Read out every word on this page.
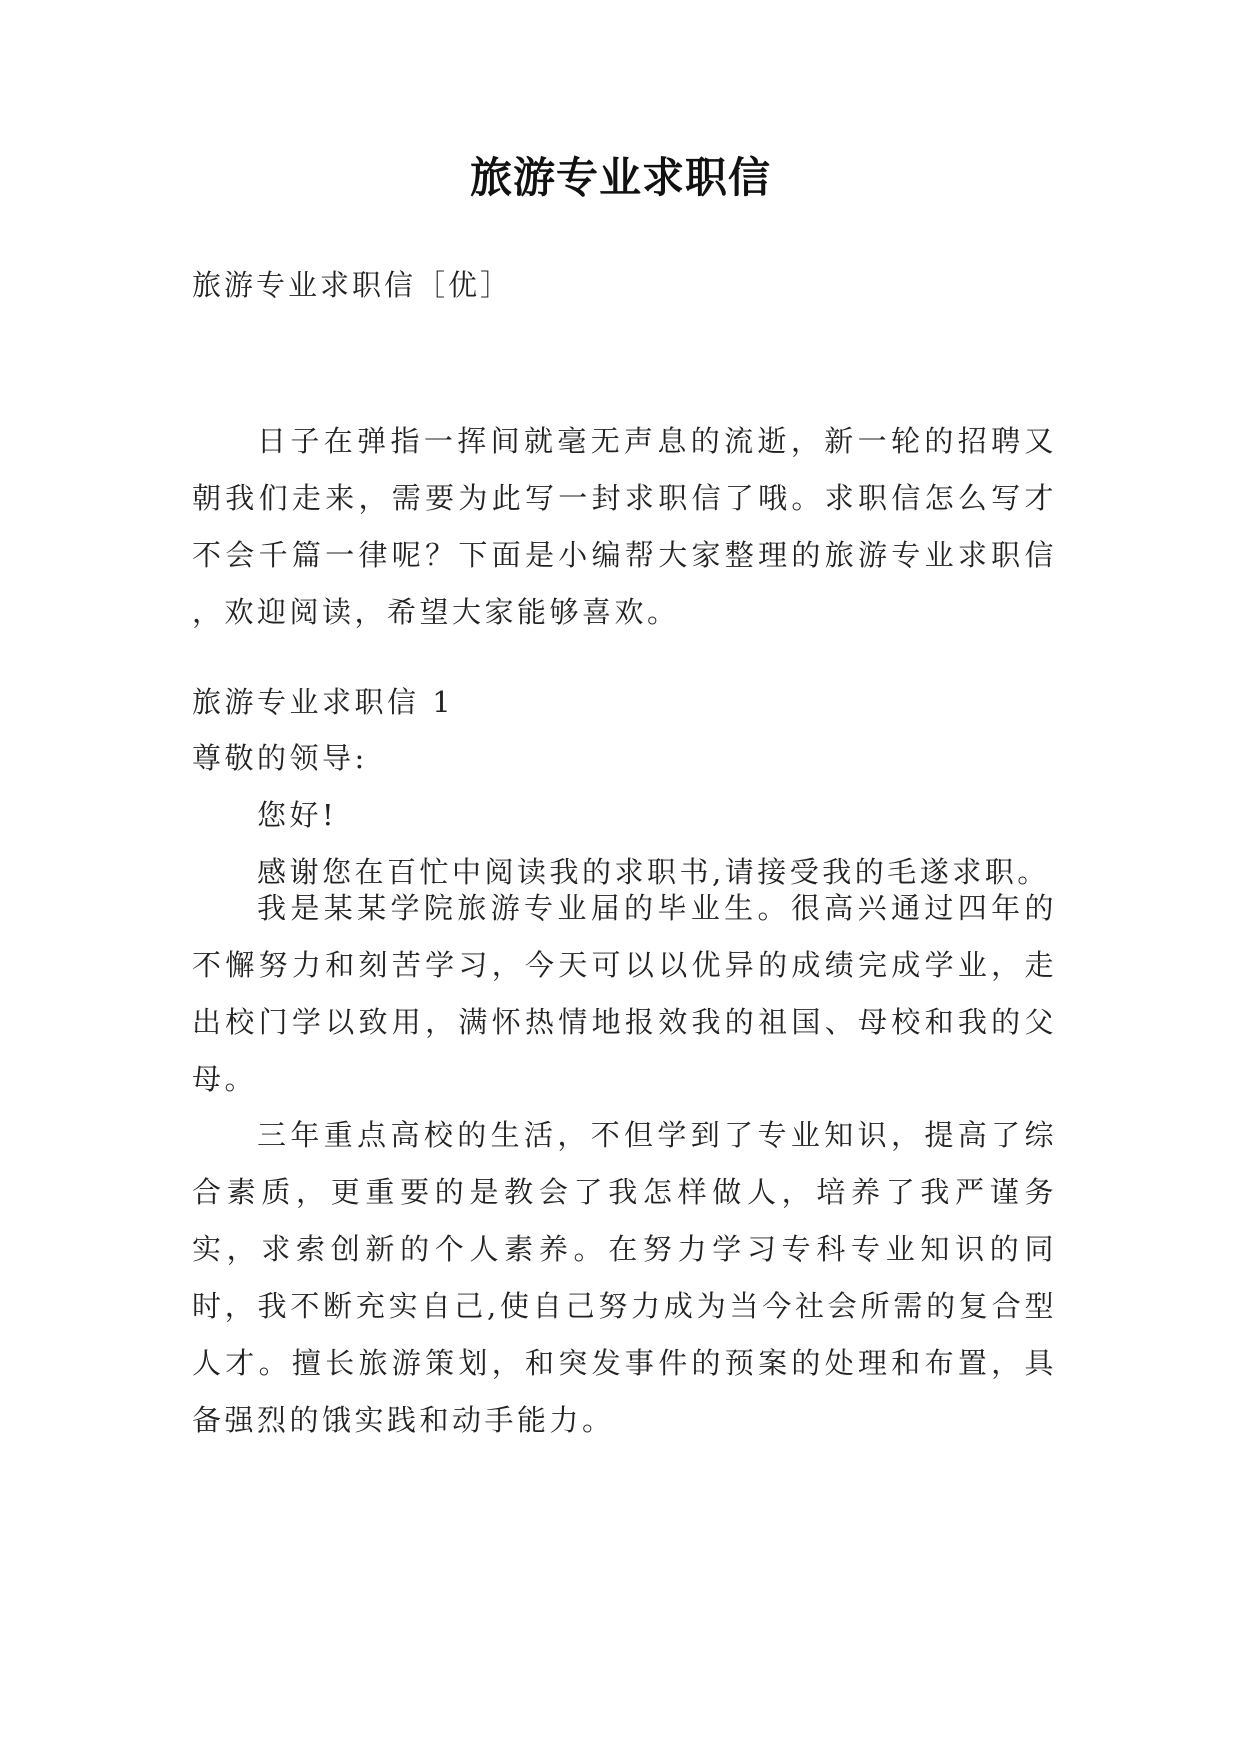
旅游专业求职信
旅游专业求职信［优］
日子在弹指一挥间就毫无声息的流逝，新一轮的招聘又朝我们走来，需要为此写一封求职信了哦。求职信怎么写才不会千篇一律呢？下面是小编帮大家整理的旅游专业求职信 ，欢迎阅读，希望大家能够喜欢。
旅游专业求职信 1
尊敬的领导:
您好!
感谢您在百忙中阅读我的求职书,请接受我的毛遂求职。
我是某某学院旅游专业届的毕业生。很高兴通过四年的不懈努力和刻苦学习，今天可以以优异的成绩完成学业，走出校门学以致用，满怀热情地报效我的祖国、母校和我的父母。
三年重点高校的生活，不但学到了专业知识，提高了综合素质，更重要的是教会了我怎样做人，培养了我严谨务实，求索创新的个人素养。在努力学习专科专业知识的同时，我不断充实自己,使自己努力成为当今社会所需的复合型人才。擅长旅游策划，和突发事件的预案的处理和布置，具备强烈的饿实践和动手能力。
